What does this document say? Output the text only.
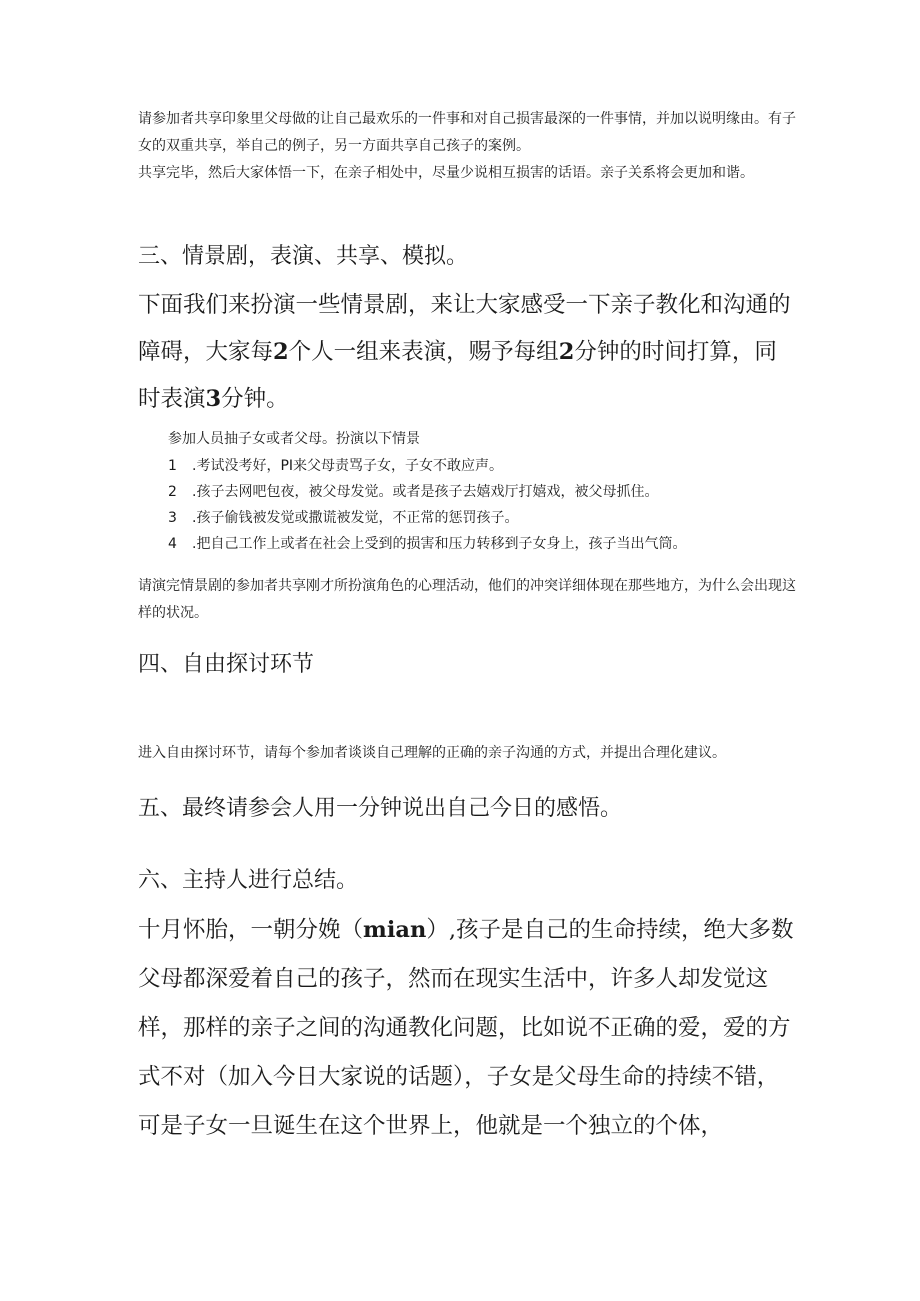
请参加者共享印象里父母做的让自己最欢乐的一件事和对自己损害最深的一件事情，并加以说明缘由。有子女的双重共享，举自己的例子，另一方面共享自己孩子的案例。

共享完毕，然后大家体悟一下，在亲子相处中，尽量少说相互损害的话语。亲子关系将会更加和谐。

三、情景剧，表演、共享、模拟。

下面我们来扮演一些情景剧，来让大家感受一下亲子教化和沟通的障碍，大家每2个人一组来表演，赐予每组2分钟的时间打算，同时表演3分钟。

参加人员抽子女或者父母。扮演以下情景
1	.考试没考好，PI来父母责骂子女，子女不敢应声。
2	.孩子去网吧包夜，被父母发觉。或者是孩子去嬉戏厅打嬉戏，被父母抓住。
3	.孩子偷钱被发觉或撒谎被发觉，不正常的惩罚孩子。
4	.把自己工作上或者在社会上受到的损害和压力转移到子女身上，孩子当出气筒。

请演完情景剧的参加者共享刚才所扮演角色的心理活动，他们的冲突详细体现在那些地方，为什么会出现这样的状况。

四、自由探讨环节

进入自由探讨环节，请每个参加者谈谈自己理解的正确的亲子沟通的方式，并提出合理化建议。

五、最终请参会人用一分钟说出自己今日的感悟。
六、主持人进行总结。

十月怀胎，一朝分娩（mian）,孩子是自己的生命持续，绝大多数父母都深爱着自己的孩子，然而在现实生活中，许多人却发觉这样，那样的亲子之间的沟通教化问题，比如说不正确的爱，爱的方式不对（加入今日大家说的话题），子女是父母生命的持续不错，可是子女一旦诞生在这个世界上，他就是一个独立的个体，
